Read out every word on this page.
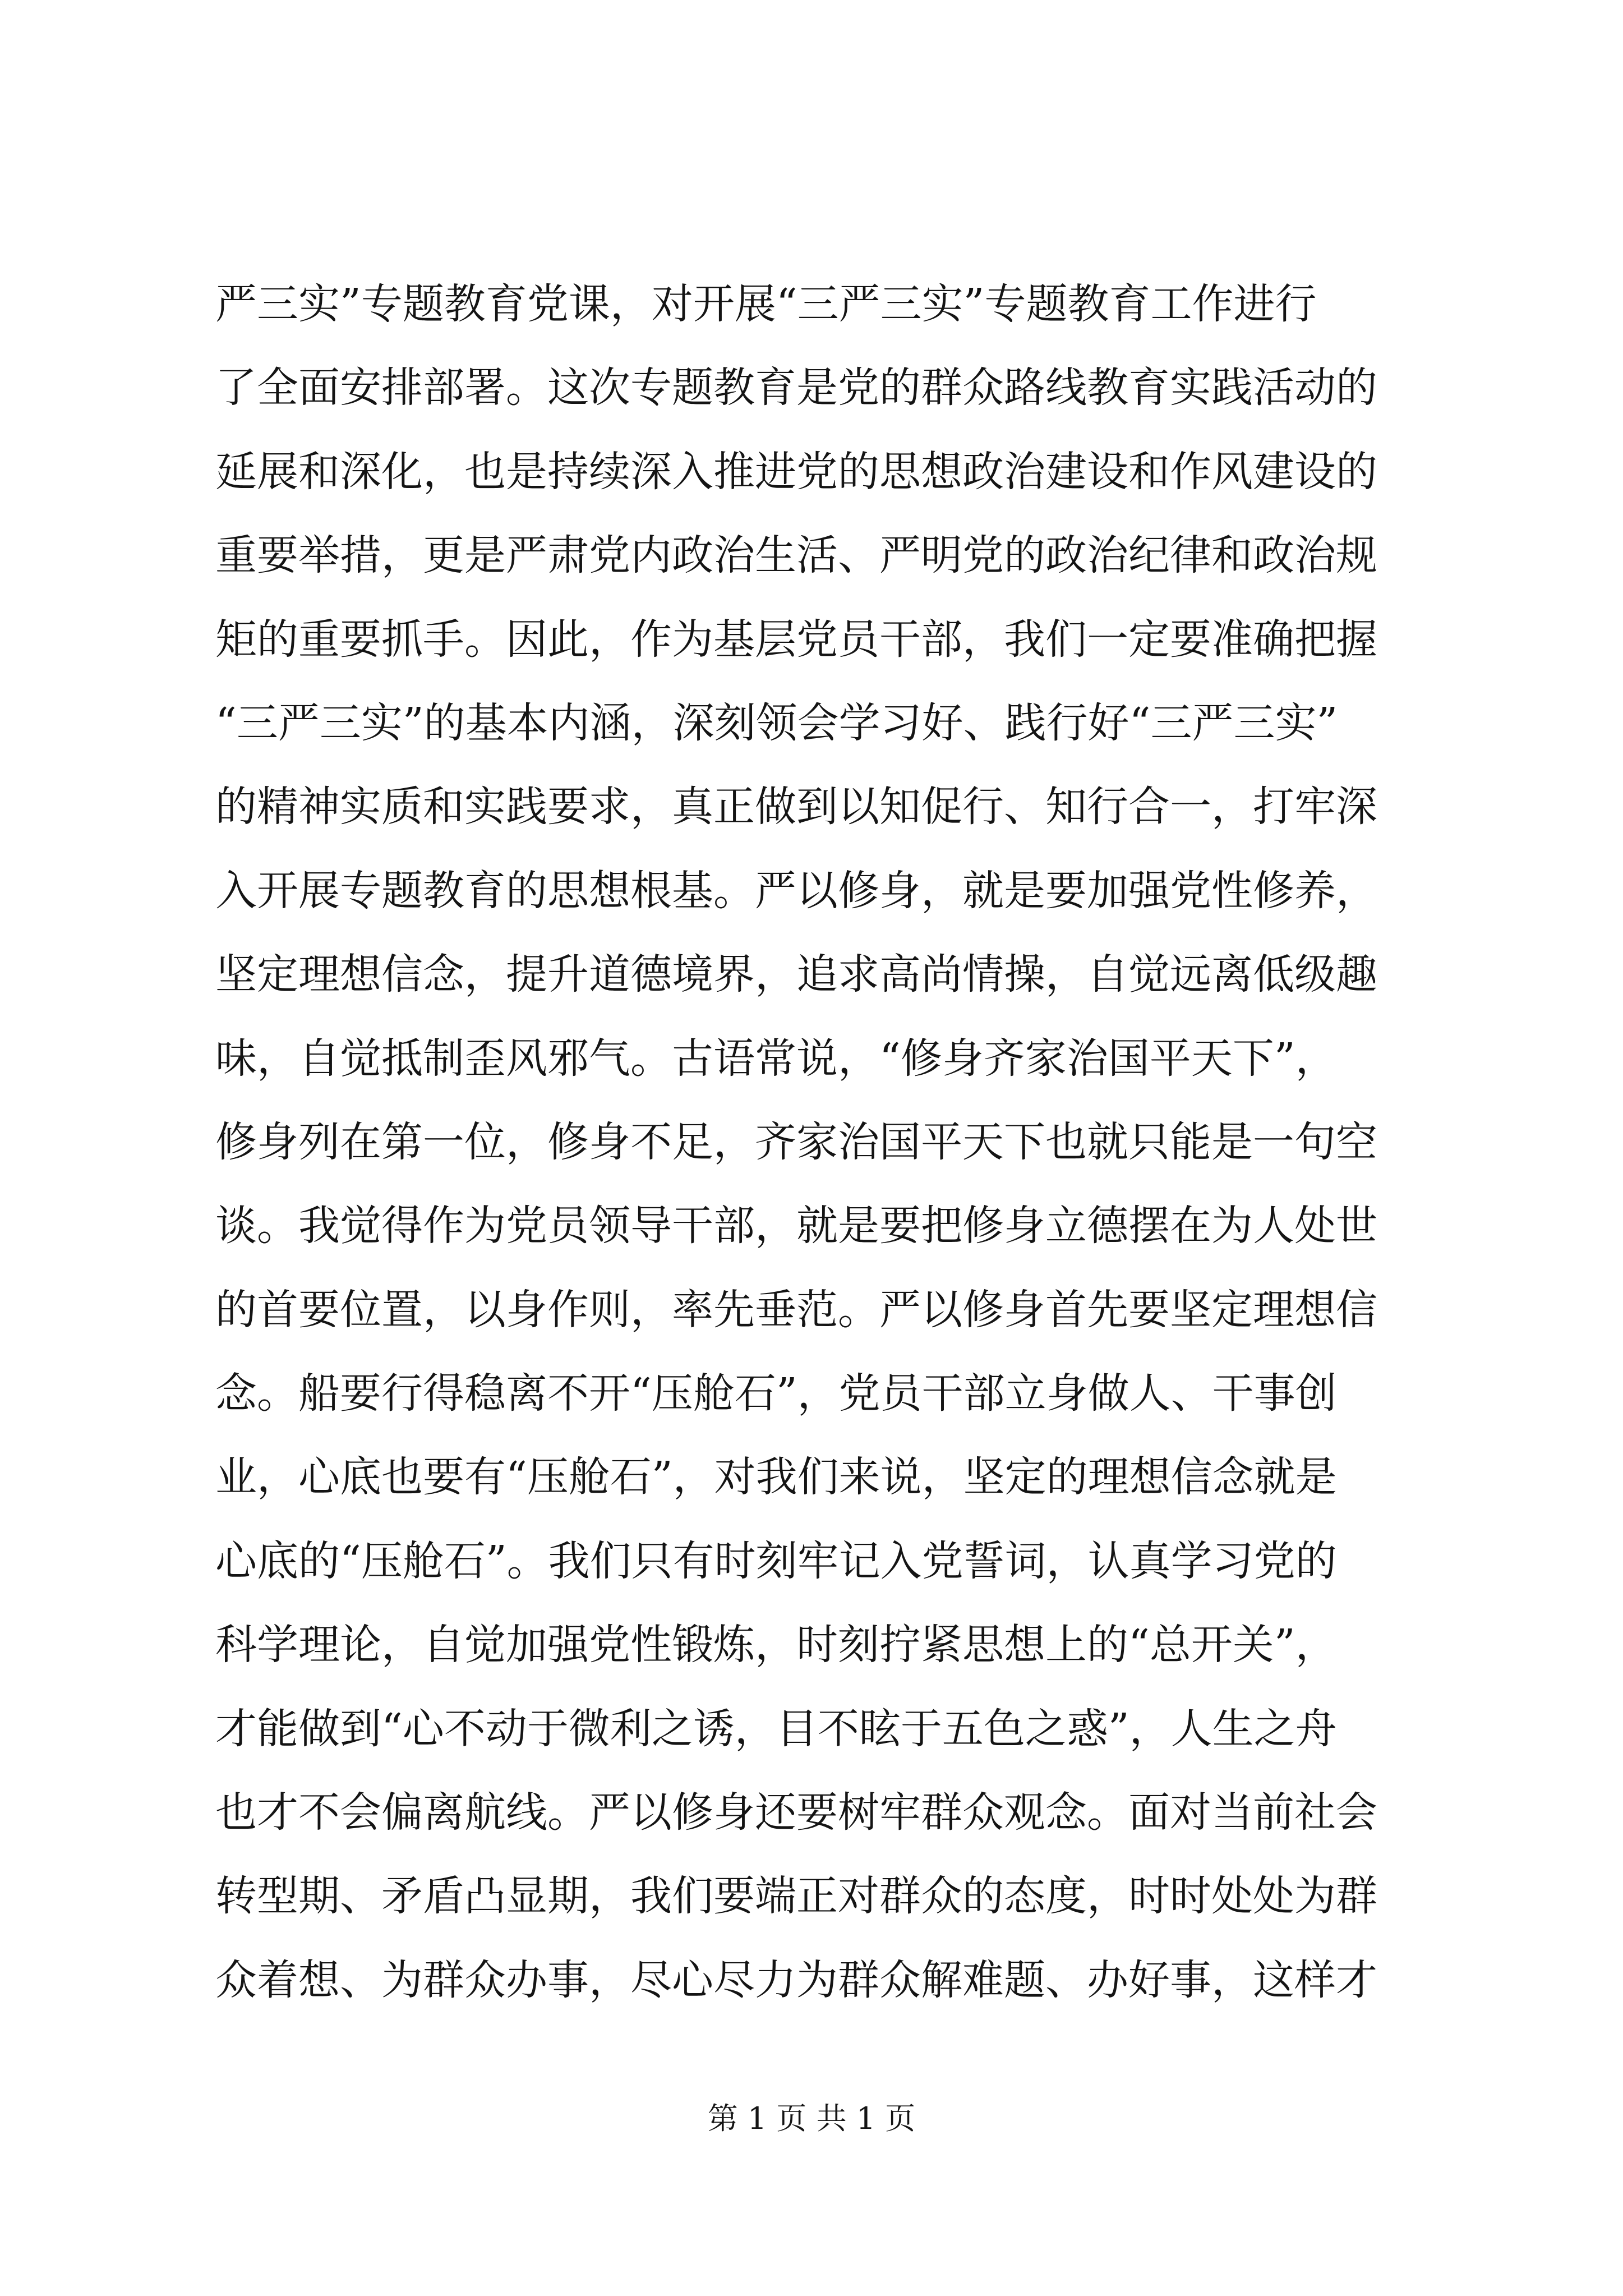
严三实”专题教育党课，对开展“三严三实”专题教育工作进行
了全面安排部署。这次专题教育是党的群众路线教育实践活动的
延展和深化，也是持续深入推进党的思想政治建设和作风建设的
重要举措，更是严肃党内政治生活、严明党的政治纪律和政治规
矩的重要抓手。因此，作为基层党员干部，我们一定要准确把握
“三严三实”的基本内涵，深刻领会学习好、践行好“三严三实”
的精神实质和实践要求，真正做到以知促行、知行合一，打牢深
入开展专题教育的思想根基。严以修身，就是要加强党性修养，
坚定理想信念，提升道德境界，追求高尚情操，自觉远离低级趣
味，自觉抵制歪风邪气。古语常说，“修身齐家治国平天下”，
修身列在第一位，修身不足，齐家治国平天下也就只能是一句空
谈。我觉得作为党员领导干部，就是要把修身立德摆在为人处世
的首要位置，以身作则，率先垂范。严以修身首先要坚定理想信
念。船要行得稳离不开“压舱石”，党员干部立身做人、干事创
业，心底也要有“压舱石”，对我们来说，坚定的理想信念就是
心底的“压舱石”。我们只有时刻牢记入党誓词，认真学习党的
科学理论，自觉加强党性锻炼，时刻拧紧思想上的“总开关”，
才能做到“心不动于微利之诱，目不眩于五色之惑”，人生之舟
也才不会偏离航线。严以修身还要树牢群众观念。面对当前社会
转型期、矛盾凸显期，我们要端正对群众的态度，时时处处为群
众着想、为群众办事，尽心尽力为群众解难题、办好事，这样才
第 1 页 共 1 页
